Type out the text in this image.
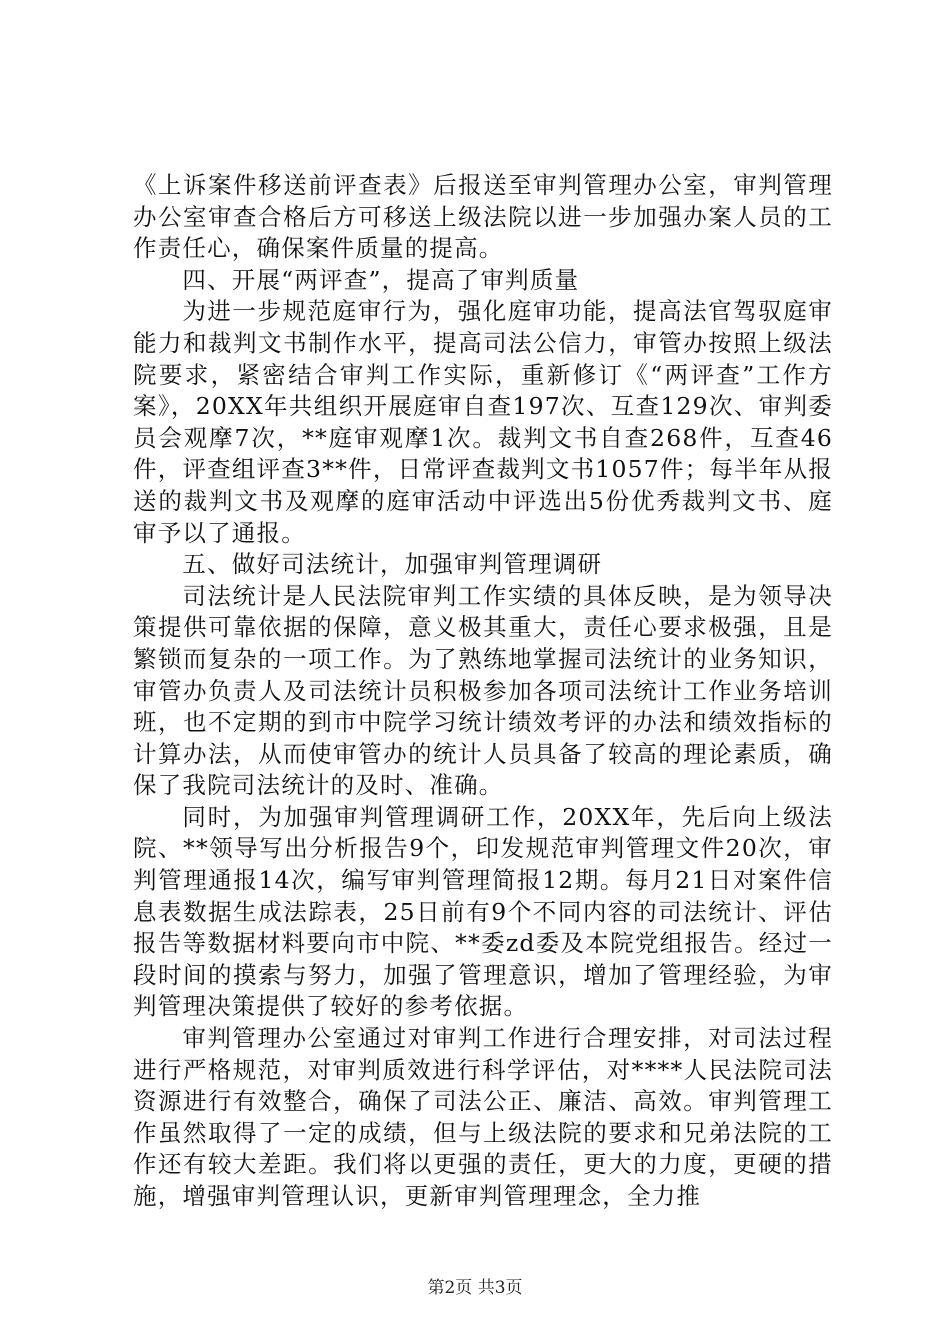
《上诉案件移送前评查表》后报送至审判管理办公室，审判管理办公室审查合格后方可移送上级法院以进一步加强办案人员的工作责任心，确保案件质量的提高。

四、开展“两评查”，提高了审判质量

为进一步规范庭审行为，强化庭审功能，提高法官驾驭庭审能力和裁判文书制作水平，提高司法公信力，审管办按照上级法院要求，紧密结合审判工作实际，重新修订《“两评查”工作方案》，20XX年共组织开展庭审自查197次、互查129次、审判委员会观摩7次，**庭审观摩1次。裁判文书自查268件，互查46件，评查组评查3**件，日常评查裁判文书1057件；每半年从报送的裁判文书及观摩的庭审活动中评选出5份优秀裁判文书、庭审予以了通报。

五、做好司法统计，加强审判管理调研

司法统计是人民法院审判工作实绩的具体反映，是为领导决策提供可靠依据的保障，意义极其重大，责任心要求极强，且是繁锁而复杂的一项工作。为了熟练地掌握司法统计的业务知识，审管办负责人及司法统计员积极参加各项司法统计工作业务培训班，也不定期的到市中院学习统计绩效考评的办法和绩效指标的计算办法，从而使审管办的统计人员具备了较高的理论素质，确保了我院司法统计的及时、准确。

同时，为加强审判管理调研工作，20XX年，先后向上级法院、**领导写出分析报告9个，印发规范审判管理文件20次，审判管理通报14次，编写审判管理简报12期。每月21日对案件信息表数据生成法踪表，25日前有9个不同内容的司法统计、评估报告等数据材料要向市中院、**委zd委及本院党组报告。经过一段时间的摸索与努力，加强了管理意识，增加了管理经验，为审判管理决策提供了较好的参考依据。

审判管理办公室通过对审判工作进行合理安排，对司法过程进行严格规范，对审判质效进行科学评估，对****人民法院司法资源进行有效整合，确保了司法公正、廉洁、高效。审判管理工作虽然取得了一定的成绩，但与上级法院的要求和兄弟法院的工作还有较大差距。我们将以更强的责任，更大的力度，更硬的措施，增强审判管理认识，更新审判管理理念，全力推

第2页 共3页
